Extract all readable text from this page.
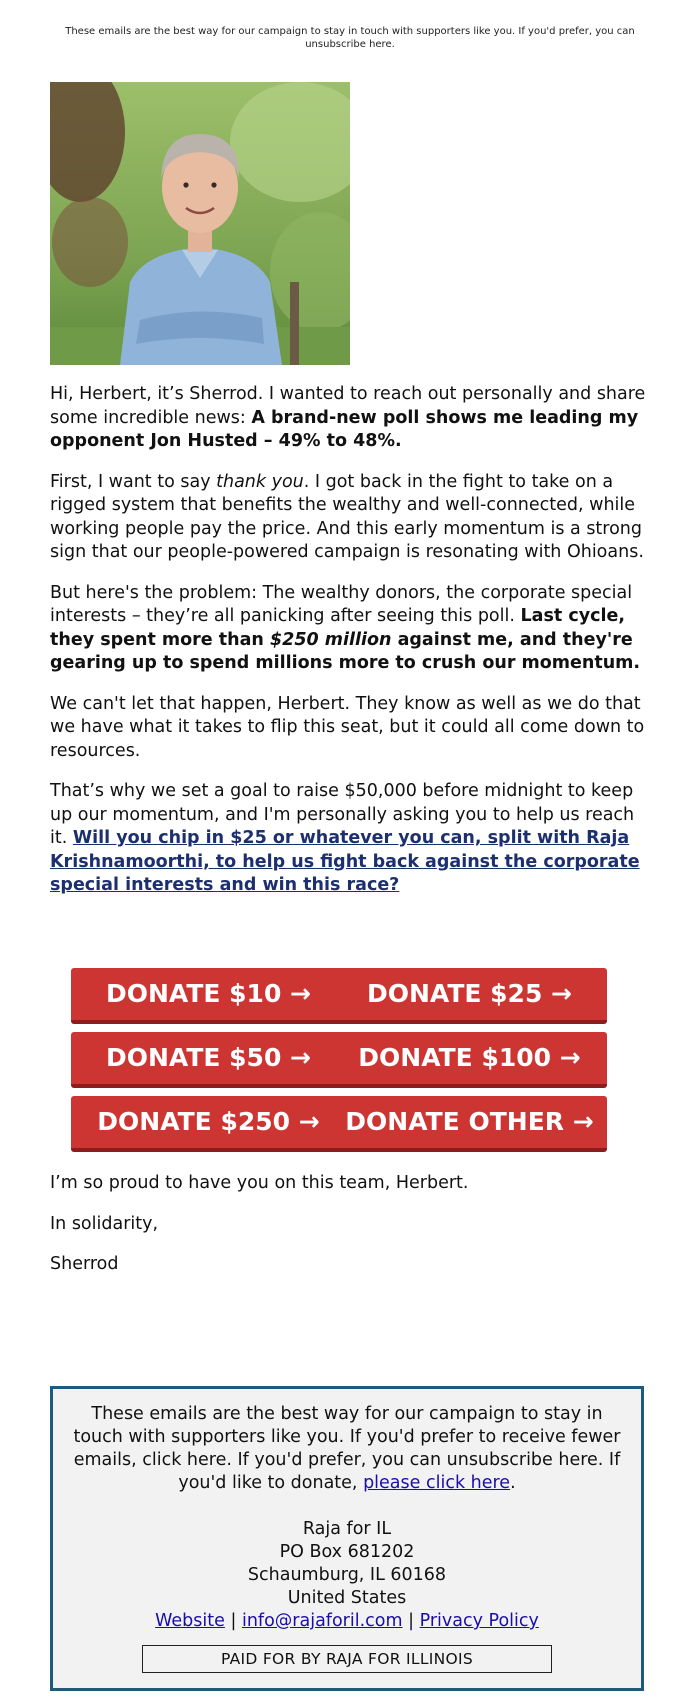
These emails are the best way for our campaign to stay in touch with supporters like you. If you'd prefer, you can unsubscribe here.

Hi, Herbert, it’s Sherrod. I wanted to reach out personally and share some incredible news: A brand-new poll shows me leading my opponent Jon Husted – 49% to 48%.

First, I want to say thank you. I got back in the fight to take on a rigged system that benefits the wealthy and well-connected, while working people pay the price. And this early momentum is a strong sign that our people-powered campaign is resonating with Ohioans.

But here's the problem: The wealthy donors, the corporate special interests – they’re all panicking after seeing this poll. Last cycle, they spent more than $250 million against me, and they're gearing up to spend millions more to crush our momentum.

We can't let that happen, Herbert. They know as well as we do that we have what it takes to flip this seat, but it could all come down to resources.

That’s why we set a goal to raise $50,000 before midnight to keep up our momentum, and I'm personally asking you to help us reach it. Will you chip in $25 or whatever you can, split with Raja Krishnamoorthi, to help us fight back against the corporate special interests and win this race?

DONATE $10 →	DONATE $25 →
DONATE $50 →	DONATE $100 →
DONATE $250 →	DONATE OTHER →

I’m so proud to have you on this team, Herbert.

In solidarity,

Sherrod

These emails are the best way for our campaign to stay in touch with supporters like you. If you'd prefer to receive fewer emails, click here. If you'd prefer, you can unsubscribe here. If you'd like to donate, please click here.
Raja for IL
PO Box 681202
Schaumburg, IL 60168
United States
Website | info@rajaforil.com | Privacy Policy
PAID FOR BY RAJA FOR ILLINOIS
